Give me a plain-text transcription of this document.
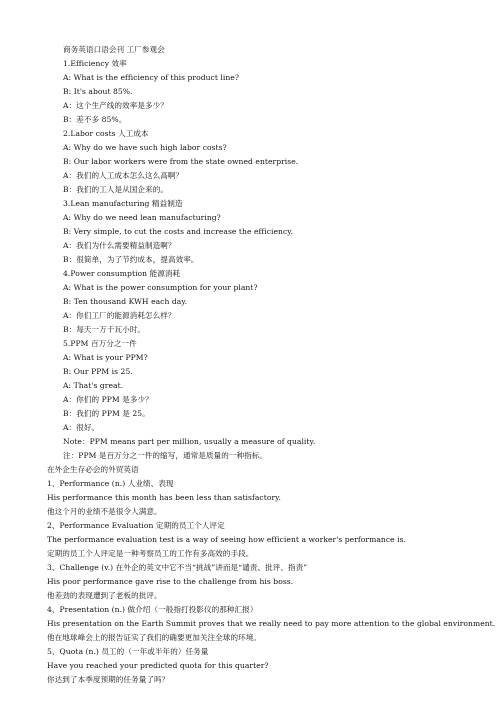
商务英语口语会刊 工厂参观会
1.Efficiency 效率
A: What is the efficiency of this product line?
B: It's about 85%.
A：这个生产线的效率是多少？
B：差不多 85%。
2.Labor costs 人工成本
A: Why do we have such high labor costs?
B: Our labor workers were from the state owned enterprise.
A：我们的人工成本怎么这么高啊？
B：我们的工人是从国企来的。
3.Lean manufacturing 精益制造
A: Why do we need lean manufacturing?
B: Very simple, to cut the costs and increase the efficiency.
A：我们为什么需要精益制造啊？
B：很简单，为了节约成本，提高效率。
4.Power consumption 能源消耗
A: What is the power consumption for your plant?
B: Ten thousand KWH each day.
A：你们工厂的能源消耗怎么样？
B：每天一万千瓦小时。
5.PPM 百万分之一件
A: What is your PPM?
B: Our PPM is 25.
A: That's great.
A：你们的 PPM 是多少？
B：我们的 PPM 是 25。
A：很好。
Note：PPM means part per million, usually a measure of quality.
注：PPM 是百万分之一件的缩写，通常是质量的一种指标。
在外企生存必会的外贸英语
1、Performance (n.) 人业绩、表现
His performance this month has been less than satisfactory.
他这个月的业绩不是很令人满意。
2、Performance Evaluation 定期的员工个人评定
The performance evaluation test is a way of seeing how efficient a worker's performance is.
定期的员工个人评定是一种考察员工的工作有多高效的手段。
3、Challenge (v.) 在外企的英文中它不当“挑战”讲而是“谴责、批评、指责”
His poor performance gave rise to the challenge from his boss.
他差劲的表现遭到了老板的批评。
4、Presentation (n.) 做介绍（一般指打投影仪的那种汇报）
His presentation on the Earth Summit proves that we really need to pay more attention to the global environment.
他在地球峰会上的报告证实了我们的确要更加关注全球的环境。
5、Quota (n.) 员工的（一年或半年的）任务量
Have you reached your predicted quota for this quarter?
你达到了本季度预期的任务量了吗？
